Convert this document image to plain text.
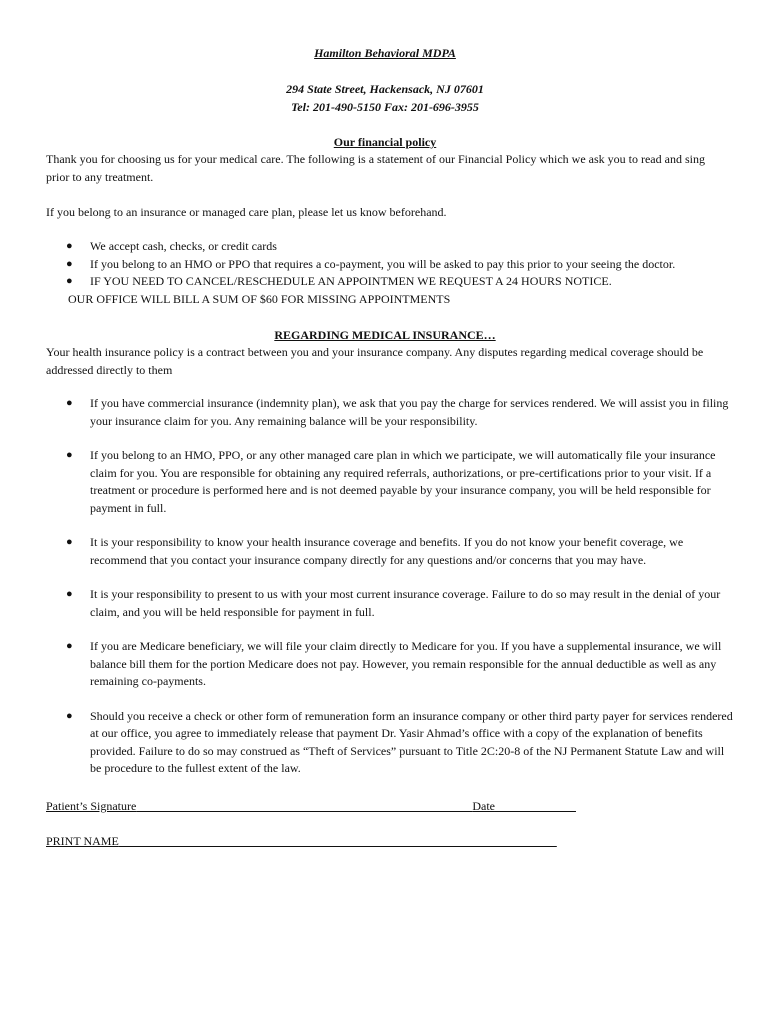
Hamilton Behavioral MDPA
294 State Street, Hackensack, NJ 07601
Tel: 201-490-5150 Fax: 201-696-3955
Our financial policy
Thank you for choosing us for your medical care. The following is a statement of our Financial Policy which we ask you to read and sing prior to any treatment.
If you belong to an insurance or managed care plan, please let us know beforehand.
● We accept cash, checks, or credit cards
● If you belong to an HMO or PPO that requires a co-payment, you will be asked to pay this prior to your seeing the doctor.
● IF YOU NEED TO CANCEL/RESCHEDULE AN APPOINTMEN WE REQUEST A 24 HOURS NOTICE.
OUR OFFICE WILL BILL A SUM OF $60 FOR MISSING APPOINTMENTS
REGARDING MEDICAL INSURANCE…
Your health insurance policy is a contract between you and your insurance company. Any disputes regarding medical coverage should be addressed directly to them
● If you have commercial insurance (indemnity plan), we ask that you pay the charge for services rendered. We will assist you in filing your insurance claim for you. Any remaining balance will be your responsibility.
● If you belong to an HMO, PPO, or any other managed care plan in which we participate, we will automatically file your insurance claim for you. You are responsible for obtaining any required referrals, authorizations, or pre-certifications prior to your visit. If a treatment or procedure is performed here and is not deemed payable by your insurance company, you will be held responsible for payment in full.
● It is your responsibility to know your health insurance coverage and benefits. If you do not know your benefit coverage, we recommend that you contact your insurance company directly for any questions and/or concerns that you may have.
● It is your responsibility to present to us with your most current insurance coverage. Failure to do so may result in the denial of your claim, and you will be held responsible for payment in full.
● If you are Medicare beneficiary, we will file your claim directly to Medicare for you. If you have a supplemental insurance, we will balance bill them for the portion Medicare does not pay. However, you remain responsible for the annual deductible as well as any remaining co-payments.
● Should you receive a check or other form of remuneration form an insurance company or other third party payer for services rendered at our office, you agree to immediately release that payment Dr. Yasir Ahmad’s office with a copy of the explanation of benefits provided. Failure to do so may construed as “Theft of Services” pursuant to Title 2C:20-8 of the NJ Permanent Statute Law and will be procedure to the fullest extent of the law.
Patient’s Signature	Date
PRINT NAME
